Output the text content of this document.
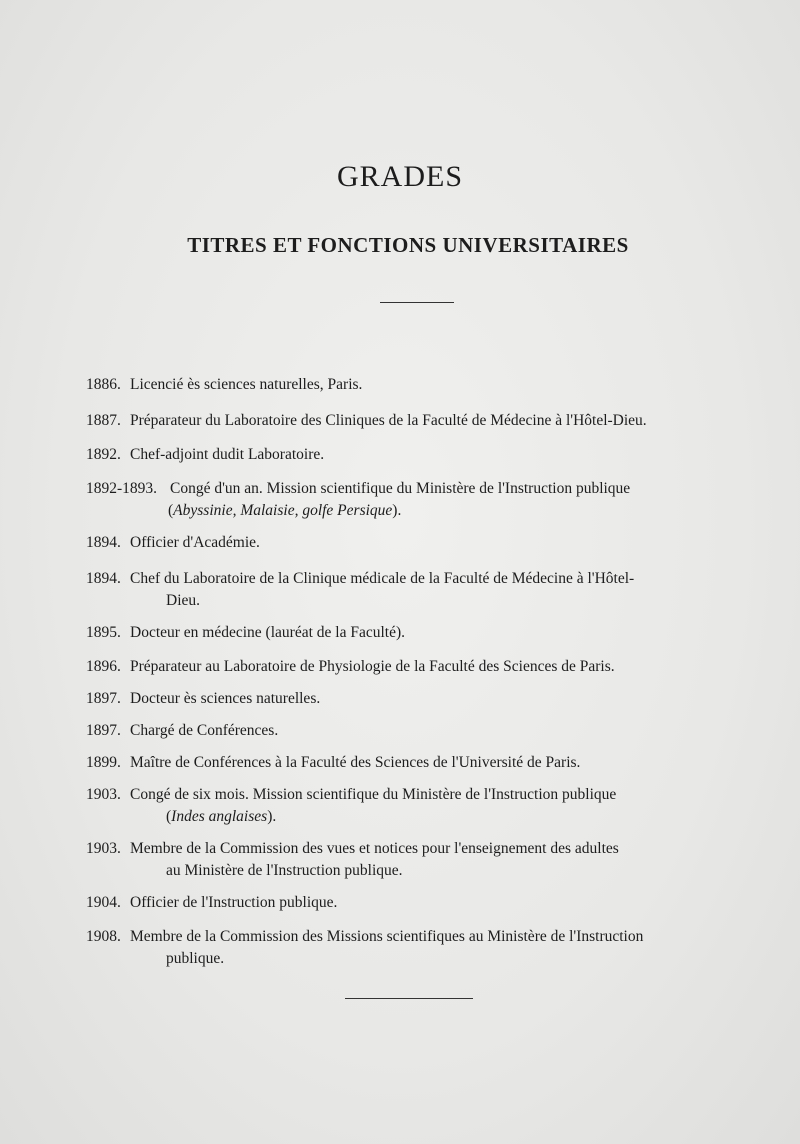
GRADES
TITRES ET FONCTIONS UNIVERSITAIRES
1886. Licencié ès sciences naturelles, Paris.
1887. Préparateur du Laboratoire des Cliniques de la Faculté de Médecine à l'Hôtel-Dieu.
1892. Chef-adjoint dudit Laboratoire.
1892-1893. Congé d'un an. Mission scientifique du Ministère de l'Instruction publique
(Abyssinie, Malaisie, golfe Persique).
1894. Officier d'Académie.
1894. Chef du Laboratoire de la Clinique médicale de la Faculté de Médecine à l'Hôtel-
Dieu.
1895. Docteur en médecine (lauréat de la Faculté).
1896. Préparateur au Laboratoire de Physiologie de la Faculté des Sciences de Paris.
1897. Docteur ès sciences naturelles.
1897. Chargé de Conférences.
1899. Maître de Conférences à la Faculté des Sciences de l'Université de Paris.
1903. Congé de six mois. Mission scientifique du Ministère de l'Instruction publique
(Indes anglaises).
1903. Membre de la Commission des vues et notices pour l'enseignement des adultes
au Ministère de l'Instruction publique.
1904. Officier de l'Instruction publique.
1908. Membre de la Commission des Missions scientifiques au Ministère de l'Instruction
publique.
